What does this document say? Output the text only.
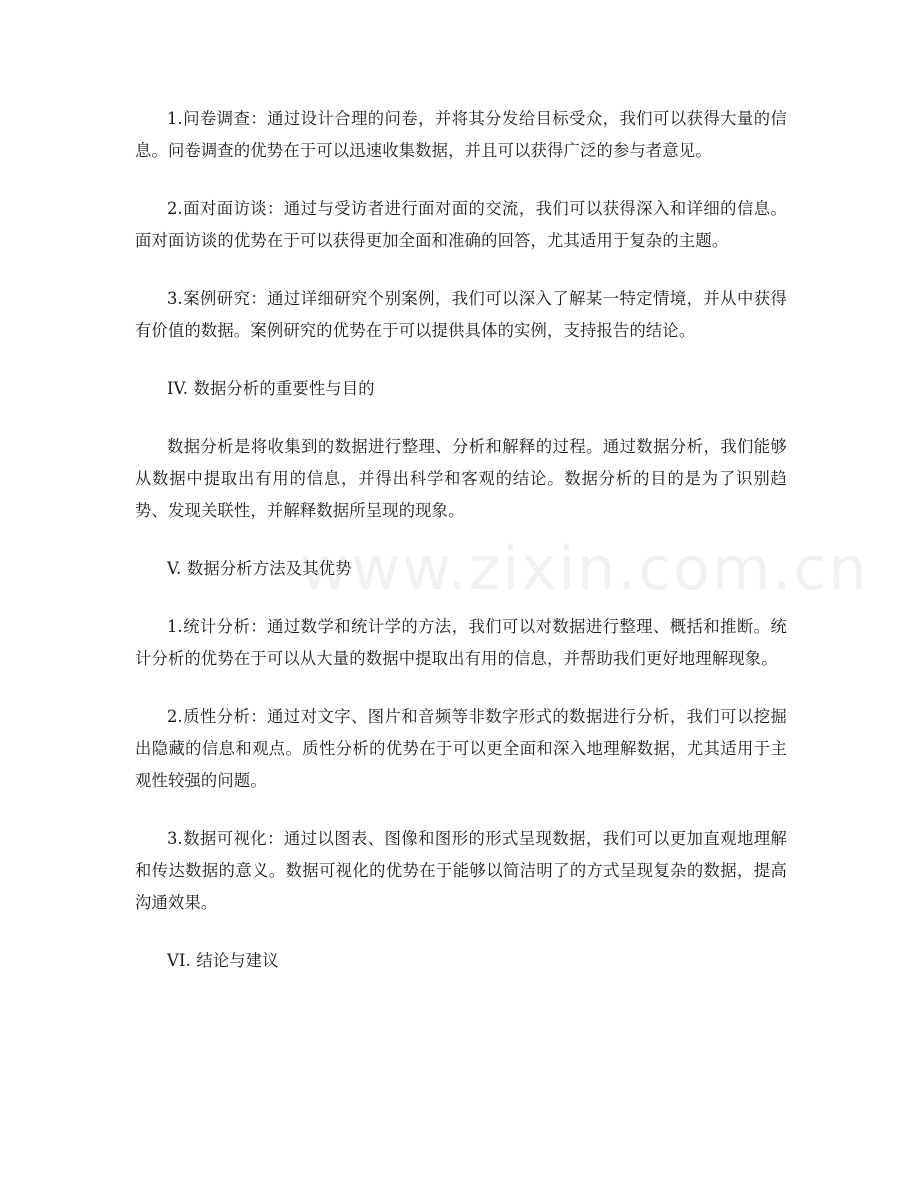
1.问卷调查：通过设计合理的问卷，并将其分发给目标受众，我们可以获得大量的信息。问卷调查的优势在于可以迅速收集数据，并且可以获得广泛的参与者意见。

2.面对面访谈：通过与受访者进行面对面的交流，我们可以获得深入和详细的信息。面对面访谈的优势在于可以获得更加全面和准确的回答，尤其适用于复杂的主题。

3.案例研究：通过详细研究个别案例，我们可以深入了解某一特定情境，并从中获得有价值的数据。案例研究的优势在于可以提供具体的实例，支持报告的结论。

IV. 数据分析的重要性与目的

数据分析是将收集到的数据进行整理、分析和解释的过程。通过数据分析，我们能够从数据中提取出有用的信息，并得出科学和客观的结论。数据分析的目的是为了识别趋势、发现关联性，并解释数据所呈现的现象。

V. 数据分析方法及其优势

1.统计分析：通过数学和统计学的方法，我们可以对数据进行整理、概括和推断。统计分析的优势在于可以从大量的数据中提取出有用的信息，并帮助我们更好地理解现象。

2.质性分析：通过对文字、图片和音频等非数字形式的数据进行分析，我们可以挖掘出隐藏的信息和观点。质性分析的优势在于可以更全面和深入地理解数据，尤其适用于主观性较强的问题。

3.数据可视化：通过以图表、图像和图形的形式呈现数据，我们可以更加直观地理解和传达数据的意义。数据可视化的优势在于能够以简洁明了的方式呈现复杂的数据，提高沟通效果。

VI. 结论与建议

www.zixin.com.cn
